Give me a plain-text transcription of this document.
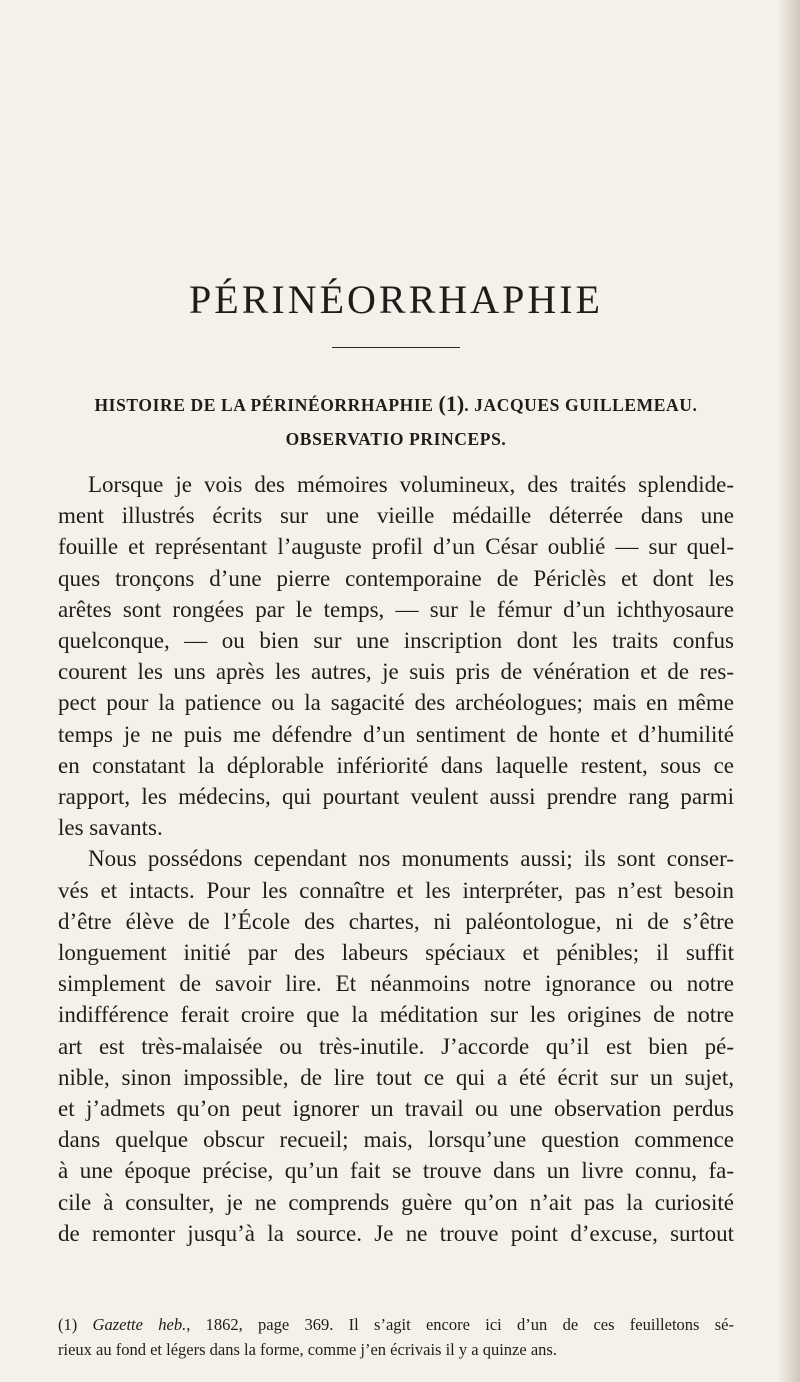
PÉRINÉORRHAPHIE
HISTOIRE DE LA PÉRINÉORRHAPHIE (1). JACQUES GUILLEMEAU.
OBSERVATIO PRINCEPS.
Lorsque je vois des mémoires volumineux, des traités splendide-
ment illustrés écrits sur une vieille médaille déterrée dans une
fouille et représentant l’auguste profil d’un César oublié — sur quel-
ques tronçons d’une pierre contemporaine de Périclès et dont les
arêtes sont rongées par le temps, — sur le fémur d’un ichthyosaure
quelconque, — ou bien sur une inscription dont les traits confus
courent les uns après les autres, je suis pris de vénération et de res-
pect pour la patience ou la sagacité des archéologues; mais en même
temps je ne puis me défendre d’un sentiment de honte et d’humilité
en constatant la déplorable infériorité dans laquelle restent, sous ce
rapport, les médecins, qui pourtant veulent aussi prendre rang parmi
les savants.
Nous possédons cependant nos monuments aussi; ils sont conser-
vés et intacts. Pour les connaître et les interpréter, pas n’est besoin
d’être élève de l’École des chartes, ni paléontologue, ni de s’être
longuement initié par des labeurs spéciaux et pénibles; il suffit
simplement de savoir lire. Et néanmoins notre ignorance ou notre
indifférence ferait croire que la méditation sur les origines de notre
art est très-malaisée ou très-inutile. J’accorde qu’il est bien pé-
nible, sinon impossible, de lire tout ce qui a été écrit sur un sujet,
et j’admets qu’on peut ignorer un travail ou une observation perdus
dans quelque obscur recueil; mais, lorsqu’une question commence
à une époque précise, qu’un fait se trouve dans un livre connu, fa-
cile à consulter, je ne comprends guère qu’on n’ait pas la curiosité
de remonter jusqu’à la source. Je ne trouve point d’excuse, surtout
(1) Gazette heb., 1862, page 369. Il s’agit encore ici d’un de ces feuilletons sé-
rieux au fond et légers dans la forme, comme j’en écrivais il y a quinze ans.
